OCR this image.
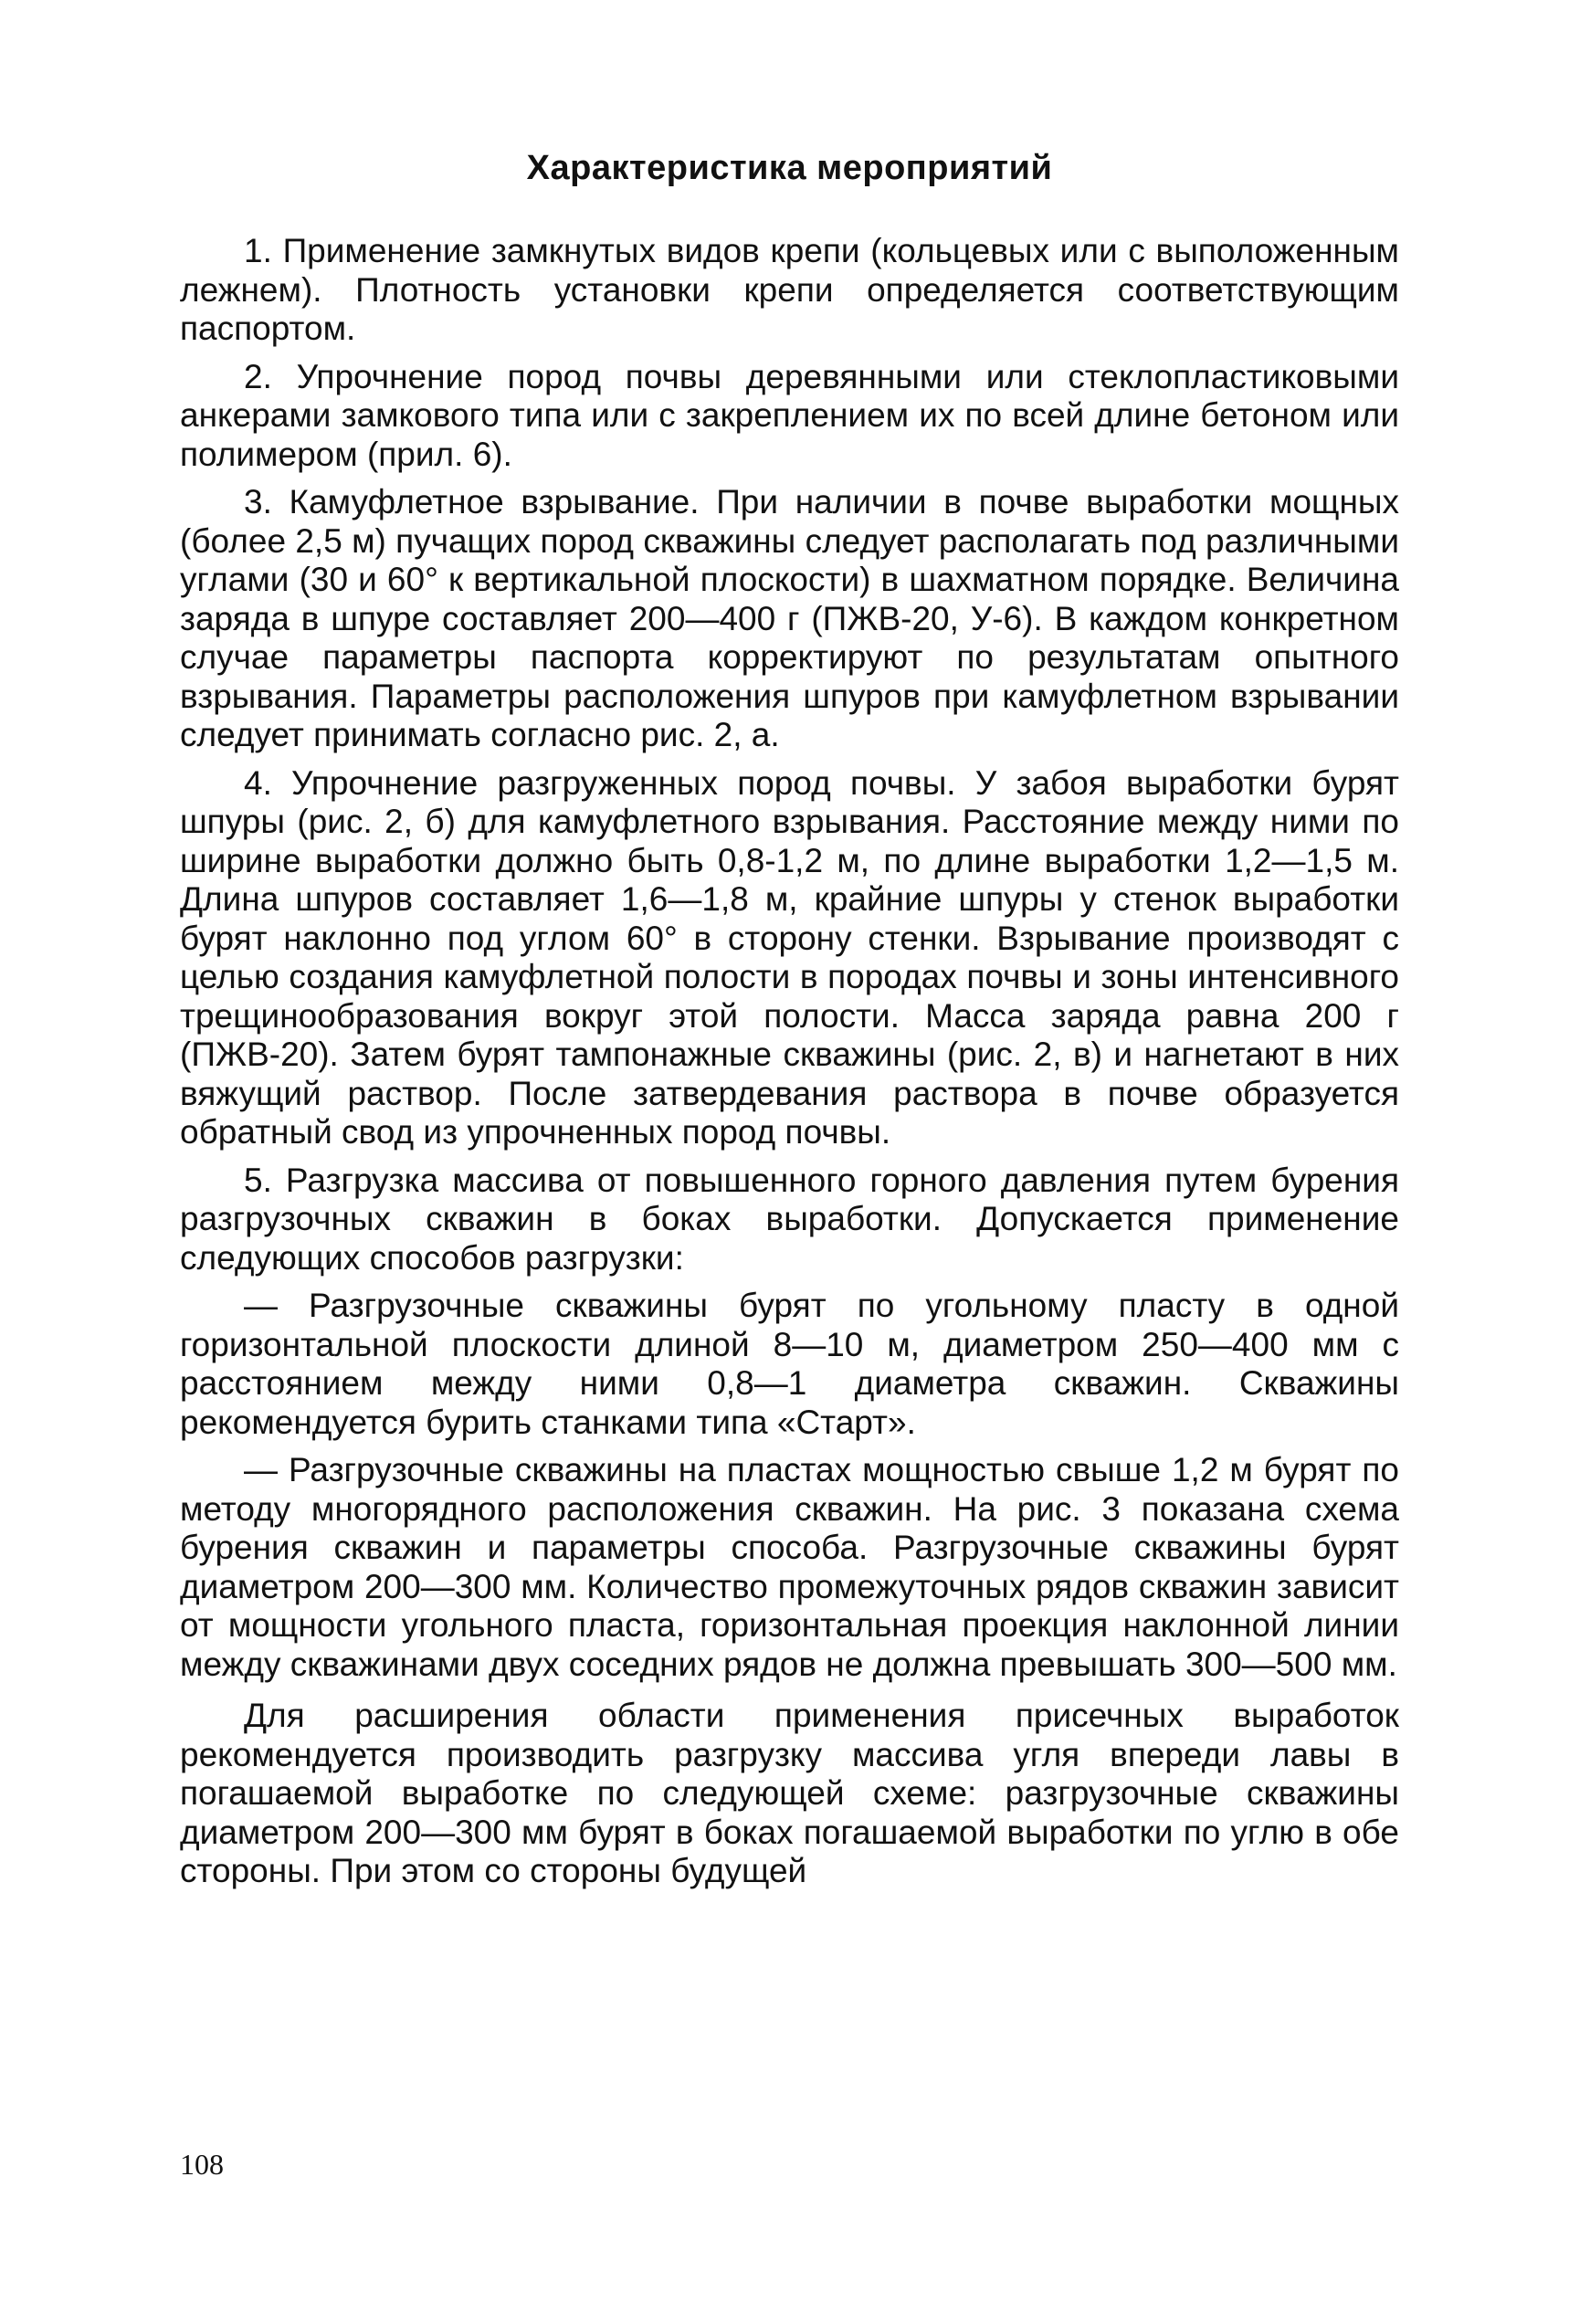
Характеристика мероприятий

1. Применение замкнутых видов крепи (кольцевых или с выположенным лежнем). Плотность установки крепи определяется соответствующим паспортом.

2. Упрочнение пород почвы деревянными или стеклопластиковыми анкерами замкового типа или с закреплением их по всей длине бетоном или полимером (прил. 6).

3. Камуфлетное взрывание. При наличии в почве выработки мощных (более 2,5 м) пучащих пород скважины следует располагать под различными углами (30 и 60° к вертикальной плоскости) в шахматном порядке. Величина заряда в шпуре составляет 200—400 г (ПЖВ-20, У-6). В каждом конкретном случае параметры паспорта корректируют по результатам опытного взрывания. Параметры расположения шпуров при камуфлетном взрывании следует принимать согласно рис. 2, а.

4. Упрочнение разгруженных пород почвы. У забоя выработки бурят шпуры (рис. 2, б) для камуфлетного взрывания. Расстояние между ними по ширине выработки должно быть 0,8-1,2 м, по длине выработки 1,2—1,5 м. Длина шпуров составляет 1,6—1,8 м, крайние шпуры у стенок выработки бурят наклонно под углом 60° в сторону стенки. Взрывание производят с целью создания камуфлетной полости в породах почвы и зоны интенсивного трещинообразования вокруг этой полости. Масса заряда равна 200 г (ПЖВ-20). Затем бурят тампонажные скважины (рис. 2, в) и нагнетают в них вяжущий раствор. После затвердевания раствора в почве образуется обратный свод из упрочненных пород почвы.

5. Разгрузка массива от повышенного горного давления путем бурения разгрузочных скважин в боках выработки. Допускается применение следующих способов разгрузки:

— Разгрузочные скважины бурят по угольному пласту в одной горизонтальной плоскости длиной 8—10 м, диаметром 250—400 мм с расстоянием между ними 0,8—1 диаметра скважин. Скважины рекомендуется бурить станками типа «Старт».

— Разгрузочные скважины на пластах мощностью свыше 1,2 м бурят по методу многорядного расположения скважин. На рис. 3 показана схема бурения скважин и параметры способа. Разгрузочные скважины бурят диаметром 200—300 мм. Количество промежуточных рядов скважин зависит от мощности угольного пласта, горизонтальная проекция наклонной линии между скважинами двух соседних рядов не должна превышать 300—500 мм.

Для расширения области применения присечных выработок рекомендуется производить разгрузку массива угля впереди лавы в погашаемой выработке по следующей схеме: разгрузочные скважины диаметром 200—300 мм бурят в боках погашаемой выработки по углю в обе стороны. При этом со стороны будущей

108
